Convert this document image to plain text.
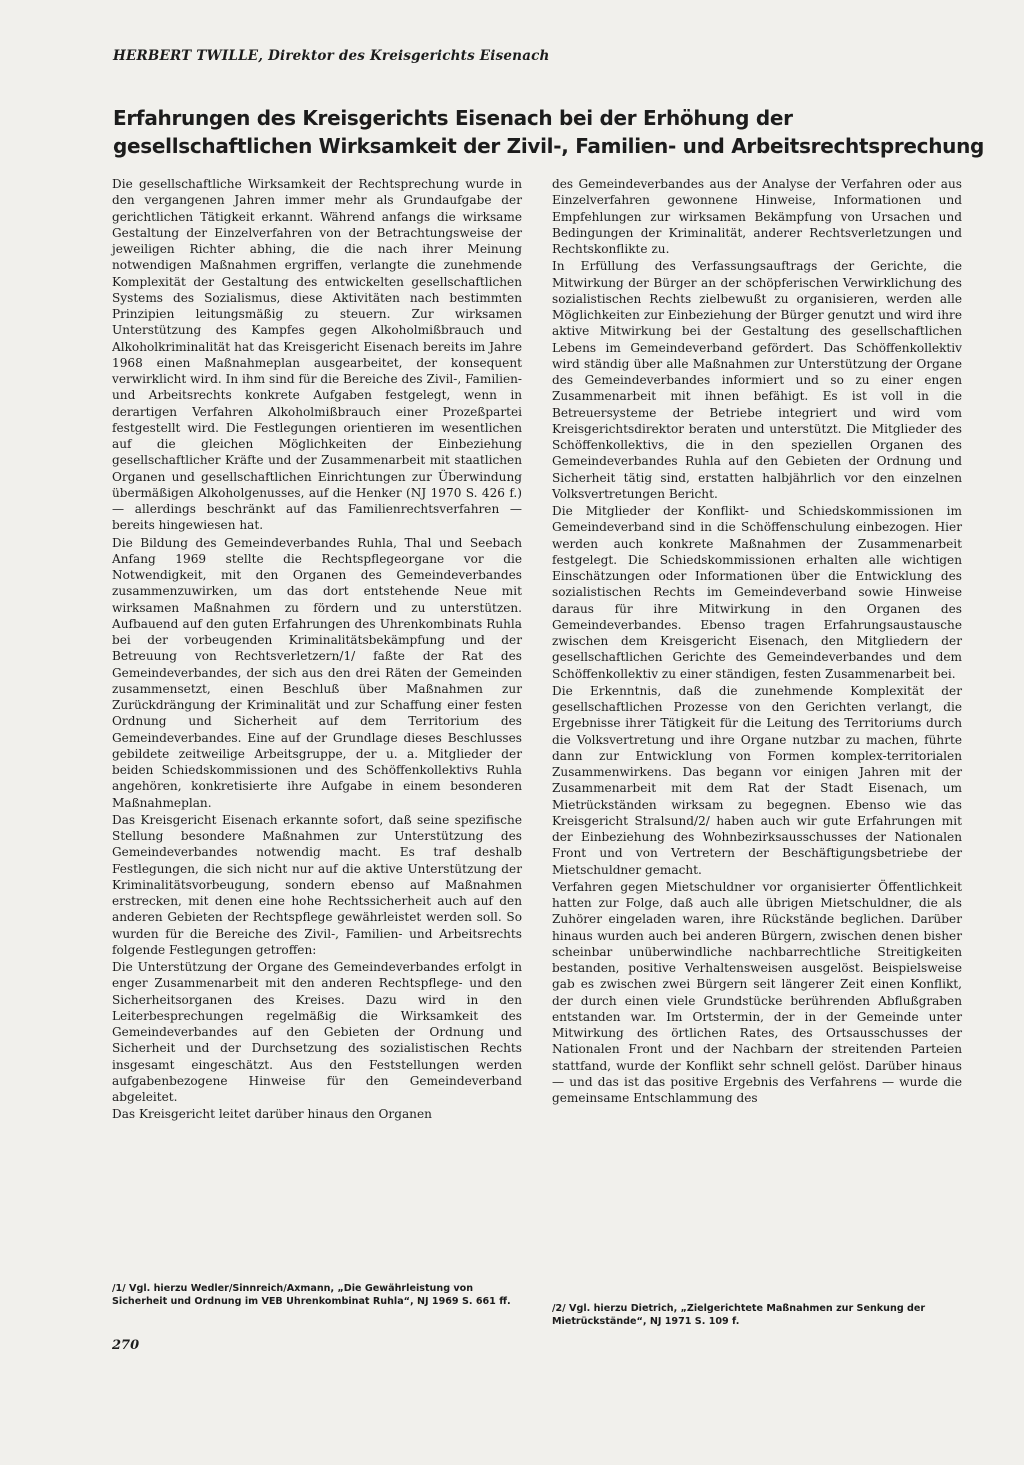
HERBERT TWILLE, Direktor des Kreisgerichts Eisenach
Erfahrungen des Kreisgerichts Eisenach bei der Erhöhung der
gesellschaftlichen Wirksamkeit der Zivil-, Familien- und Arbeitsrechtsprechung

Die gesellschaftliche Wirksamkeit der Rechtsprechung wurde in den vergangenen Jahren immer mehr als Grundaufgabe der gerichtlichen Tätigkeit erkannt. Während anfangs die wirksame Gestaltung der Einzelverfahren von der Betrachtungsweise der jeweiligen Richter abhing, die die nach ihrer Meinung notwendigen Maßnahmen ergriffen, verlangte die zunehmende Komplexität der Gestaltung des entwickelten gesellschaftlichen Systems des Sozialismus, diese Aktivitäten nach bestimmten Prinzipien leitungsmäßig zu steuern. Zur wirksamen Unterstützung des Kampfes gegen Alkoholmißbrauch und Alkoholkriminalität hat das Kreisgericht Eisenach bereits im Jahre 1968 einen Maßnahmeplan ausgearbeitet, der konsequent verwirklicht wird. In ihm sind für die Bereiche des Zivil-, Familien- und Arbeitsrechts konkrete Aufgaben festgelegt, wenn in derartigen Verfahren Alkoholmißbrauch einer Prozeßpartei festgestellt wird. Die Festlegungen orientieren im wesentlichen auf die gleichen Möglichkeiten der Einbeziehung gesellschaftlicher Kräfte und der Zusammenarbeit mit staatlichen Organen und gesellschaftlichen Einrichtungen zur Überwindung übermäßigen Alkoholgenusses, auf die Henker (NJ 1970 S. 426 f.) — allerdings beschränkt auf das Familienrechtsverfahren — bereits hingewiesen hat.

Die Bildung des Gemeindeverbandes Ruhla, Thal und Seebach Anfang 1969 stellte die Rechtspflegeorgane vor die Notwendigkeit, mit den Organen des Gemeindeverbandes zusammenzuwirken, um das dort entstehende Neue mit wirksamen Maßnahmen zu fördern und zu unterstützen. Aufbauend auf den guten Erfahrungen des Uhrenkombinats Ruhla bei der vorbeugenden Kriminalitätsbekämpfung und der Betreuung von Rechtsverletzern/1/ faßte der Rat des Gemeindeverbandes, der sich aus den drei Räten der Gemeinden zusammensetzt, einen Beschluß über Maßnahmen zur Zurückdrängung der Kriminalität und zur Schaffung einer festen Ordnung und Sicherheit auf dem Territorium des Gemeindeverbandes. Eine auf der Grundlage dieses Beschlusses gebildete zeitweilige Arbeitsgruppe, der u. a. Mitglieder der beiden Schiedskommissionen und des Schöffenkollektivs Ruhla angehören, konkretisierte ihre Aufgabe in einem besonderen Maßnahmeplan.

Das Kreisgericht Eisenach erkannte sofort, daß seine spezifische Stellung besondere Maßnahmen zur Unterstützung des Gemeindeverbandes notwendig macht. Es traf deshalb Festlegungen, die sich nicht nur auf die aktive Unterstützung der Kriminalitätsvorbeugung, sondern ebenso auf Maßnahmen erstrecken, mit denen eine hohe Rechtssicherheit auch auf den anderen Gebieten der Rechtspflege gewährleistet werden soll. So wurden für die Bereiche des Zivil-, Familien- und Arbeitsrechts folgende Festlegungen getroffen:

Die Unterstützung der Organe des Gemeindeverbandes erfolgt in enger Zusammenarbeit mit den anderen Rechtspflege- und den Sicherheitsorganen des Kreises. Dazu wird in den Leiterbesprechungen regelmäßig die Wirksamkeit des Gemeindeverbandes auf den Gebieten der Ordnung und Sicherheit und der Durchsetzung des sozialistischen Rechts insgesamt eingeschätzt. Aus den Feststellungen werden aufgabenbezogene Hinweise für den Gemeindeverband abgeleitet.

Das Kreisgericht leitet darüber hinaus den Organen

des Gemeindeverbandes aus der Analyse der Verfahren oder aus Einzelverfahren gewonnene Hinweise, Informationen und Empfehlungen zur wirksamen Bekämpfung von Ursachen und Bedingungen der Kriminalität, anderer Rechtsverletzungen und Rechtskonflikte zu.

In Erfüllung des Verfassungsauftrags der Gerichte, die Mitwirkung der Bürger an der schöpferischen Verwirklichung des sozialistischen Rechts zielbewußt zu organisieren, werden alle Möglichkeiten zur Einbeziehung der Bürger genutzt und wird ihre aktive Mitwirkung bei der Gestaltung des gesellschaftlichen Lebens im Gemeindeverband gefördert. Das Schöffenkollektiv wird ständig über alle Maßnahmen zur Unterstützung der Organe des Gemeindeverbandes informiert und so zu einer engen Zusammenarbeit mit ihnen befähigt. Es ist voll in die Betreuersysteme der Betriebe integriert und wird vom Kreisgerichtsdirektor beraten und unterstützt. Die Mitglieder des Schöffenkollektivs, die in den speziellen Organen des Gemeindeverbandes Ruhla auf den Gebieten der Ordnung und Sicherheit tätig sind, erstatten halbjährlich vor den einzelnen Volksvertretungen Bericht.

Die Mitglieder der Konflikt- und Schiedskommissionen im Gemeindeverband sind in die Schöffenschulung einbezogen. Hier werden auch konkrete Maßnahmen der Zusammenarbeit festgelegt. Die Schiedskommissionen erhalten alle wichtigen Einschätzungen oder Informationen über die Entwicklung des sozialistischen Rechts im Gemeindeverband sowie Hinweise daraus für ihre Mitwirkung in den Organen des Gemeindeverbandes. Ebenso tragen Erfahrungsaustausche zwischen dem Kreisgericht Eisenach, den Mitgliedern der gesellschaftlichen Gerichte des Gemeindeverbandes und dem Schöffenkollektiv zu einer ständigen, festen Zusammenarbeit bei.

Die Erkenntnis, daß die zunehmende Komplexität der gesellschaftlichen Prozesse von den Gerichten verlangt, die Ergebnisse ihrer Tätigkeit für die Leitung des Territoriums durch die Volksvertretung und ihre Organe nutzbar zu machen, führte dann zur Entwicklung von Formen komplex-territorialen Zusammenwirkens. Das begann vor einigen Jahren mit der Zusammenarbeit mit dem Rat der Stadt Eisenach, um Mietrückständen wirksam zu begegnen. Ebenso wie das Kreisgericht Stralsund/2/ haben auch wir gute Erfahrungen mit der Einbeziehung des Wohnbezirksausschusses der Nationalen Front und von Vertretern der Beschäftigungsbetriebe der Mietschuldner gemacht.

Verfahren gegen Mietschuldner vor organisierter Öffentlichkeit hatten zur Folge, daß auch alle übrigen Mietschuldner, die als Zuhörer eingeladen waren, ihre Rückstände beglichen. Darüber hinaus wurden auch bei anderen Bürgern, zwischen denen bisher scheinbar unüberwindliche nachbarrechtliche Streitigkeiten bestanden, positive Verhaltensweisen ausgelöst. Beispielsweise gab es zwischen zwei Bürgern seit längerer Zeit einen Konflikt, der durch einen viele Grundstücke berührenden Abflußgraben entstanden war. Im Ortstermin, der in der Gemeinde unter Mitwirkung des örtlichen Rates, des Ortsausschusses der Nationalen Front und der Nachbarn der streitenden Parteien stattfand, wurde der Konflikt sehr schnell gelöst. Darüber hinaus — und das ist das positive Ergebnis des Verfahrens — wurde die gemeinsame Entschlammung des

/1/ Vgl. hierzu Wedler/Sinnreich/Axmann, „Die Gewährleistung von Sicherheit und Ordnung im VEB Uhrenkombinat Ruhla“, NJ 1969 S. 661 ff.
/2/ Vgl. hierzu Dietrich, „Zielgerichtete Maßnahmen zur Senkung der Mietrückstände“, NJ 1971 S. 109 f.
270
